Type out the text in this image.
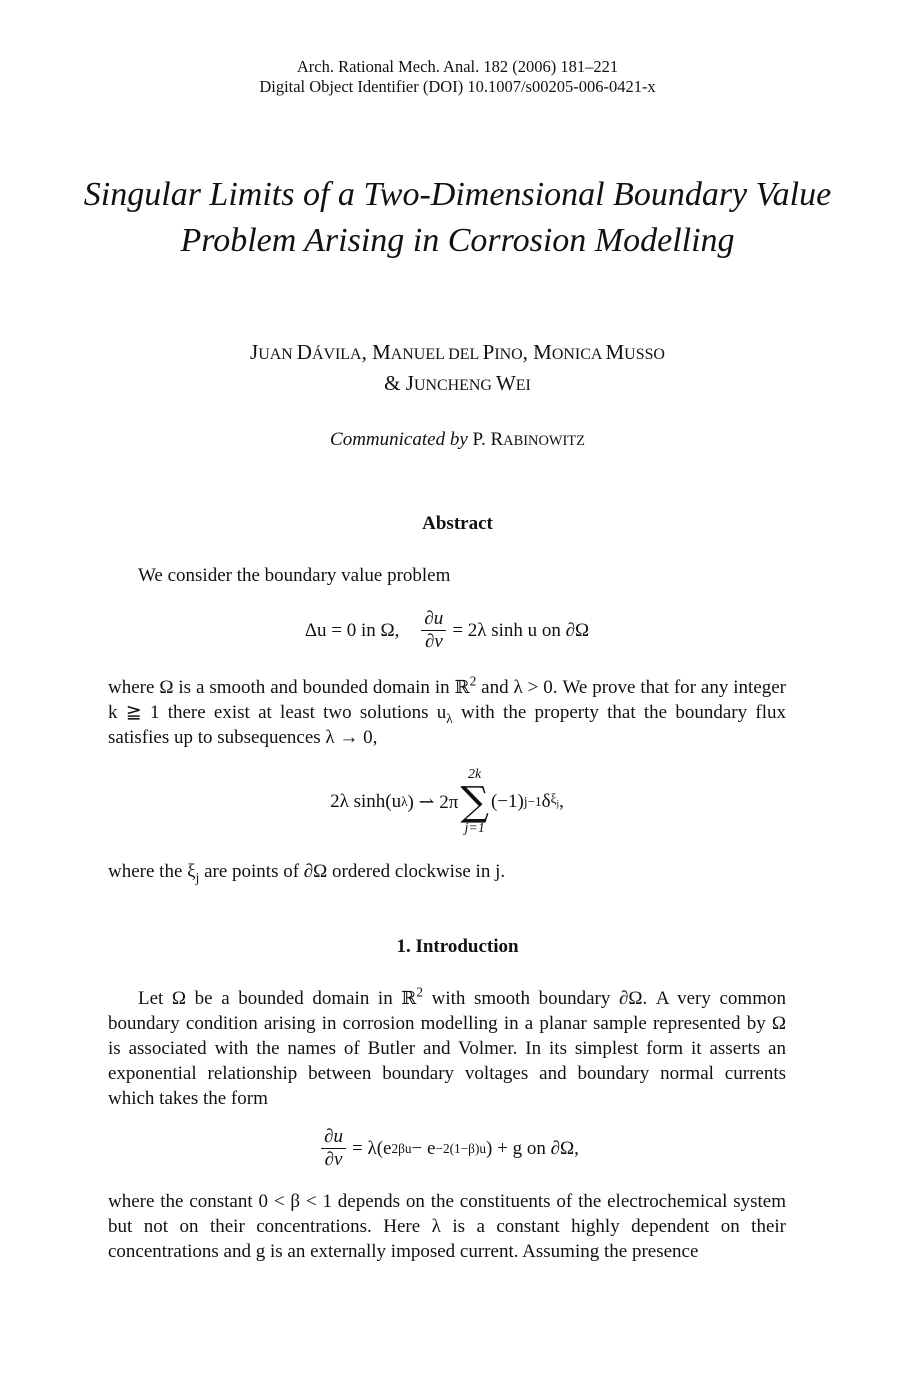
Arch. Rational Mech. Anal. 182 (2006) 181–221
Digital Object Identifier (DOI) 10.1007/s00205-006-0421-x
Singular Limits of a Two-Dimensional Boundary Value Problem Arising in Corrosion Modelling
JUAN DÁVILA, MANUEL DEL PINO, MONICA MUSSO
& JUNCHENG WEI
Communicated by P. RABINOWITZ
Abstract
We consider the boundary value problem
Δu = 0 in Ω, $\frac{\partial u}{\partial\nu} = 2\lambda$ sinh u on ∂Ω
where Ω is a smooth and bounded domain in ℝ$^2$ and λ > 0. We prove that for any integer k ≧ 1 there exist at least two solutions $u_\lambda$ with the property that the boundary flux satisfies up to subsequences λ → 0,
2λ sinh(u λ ) ⇀ 2π
2k
∑
j=1
(−1) j−1 δ $\xi_j$ ,
where the $\xi_j$ are points of ∂Ω ordered clockwise in j.
1. Introduction
Let Ω be a bounded domain in ℝ$^2$ with smooth boundary ∂Ω. A very common boundary condition arising in corrosion modelling in a planar sample represented by Ω is associated with the names of Butler and Volmer. In its simplest form it asserts an exponential relationship between boundary voltages and boundary normal currents which takes the form
$\frac{\partial u}{\partial\nu} = \lambda(e$ 2βu − e −2(1−β)u ) + g on ∂Ω,
where the constant 0 < β < 1 depends on the constituents of the electrochemical system but not on their concentrations. Here λ is a constant highly dependent on their concentrations and g is an externally imposed current. Assuming the presence
